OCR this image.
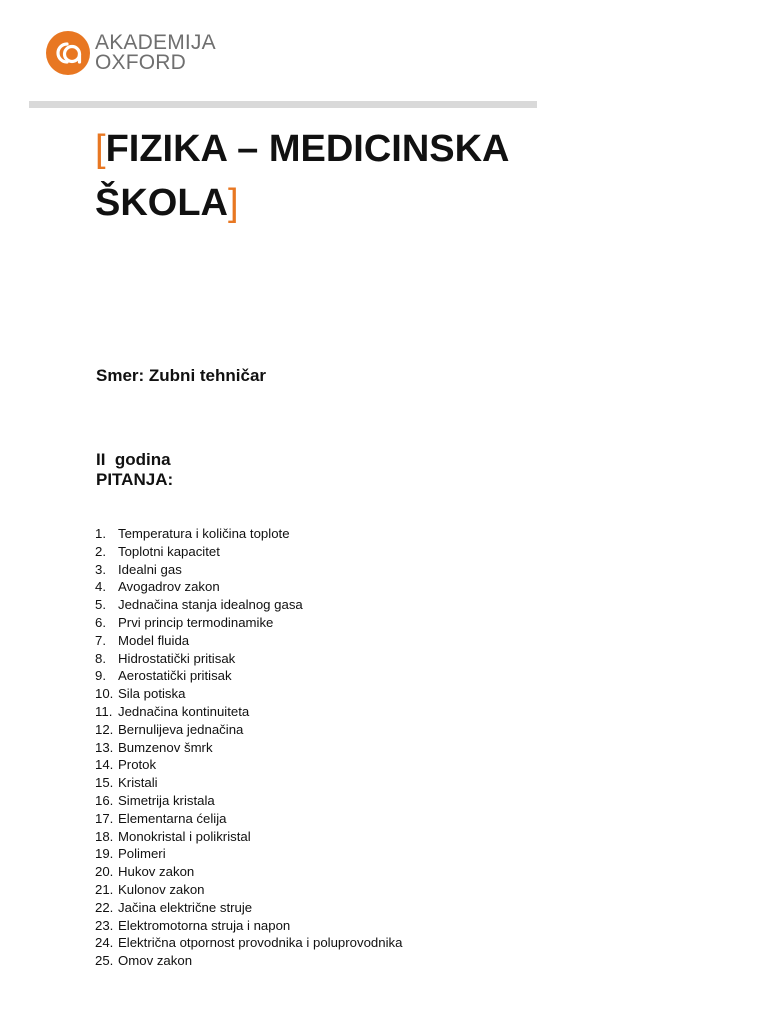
AKADEMIJA
OXFORD
[FIZIKA – MEDICINSKA
ŠKOLA]

Smer: Zubni tehničar

II  godina

PITANJA:
1. Temperatura i količina toplote
2. Toplotni kapacitet
3. Idealni gas
4. Avogadrov zakon
5. Jednačina stanja idealnog gasa
6. Prvi princip termodinamike
7. Model fluida
8. Hidrostatički pritisak
9. Aerostatički pritisak
10. Sila potiska
11. Jednačina kontinuiteta
12. Bernulijeva jednačina
13. Bumzenov šmrk
14. Protok
15. Kristali
16. Simetrija kristala
17. Elementarna ćelija
18. Monokristal i polikristal
19. Polimeri
20. Hukov zakon
21. Kulonov zakon
22. Jačina električne struje
23. Elektromotorna struja i napon
24. Električna otpornost provodnika i poluprovodnika
25. Omov zakon
